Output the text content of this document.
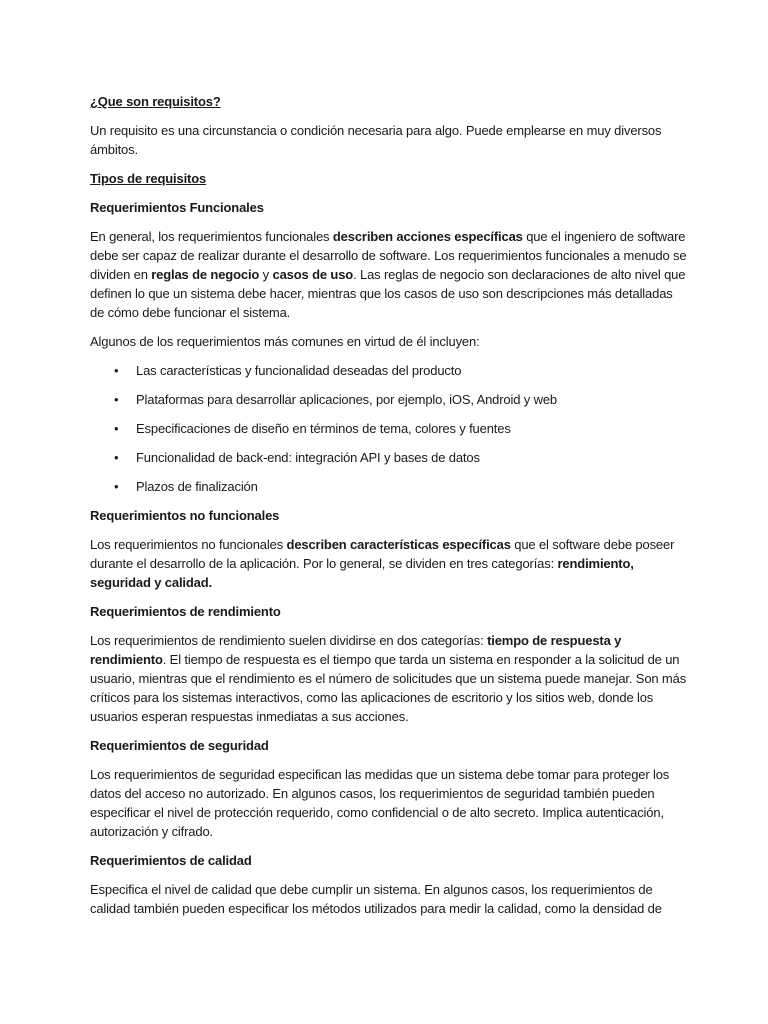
¿Que son requisitos?

Un requisito es una circunstancia o condición necesaria para algo. Puede emplearse en muy diversos ámbitos.

Tipos de requisitos

Requerimientos Funcionales

En general, los requerimientos funcionales describen acciones específicas que el ingeniero de software debe ser capaz de realizar durante el desarrollo de software. Los requerimientos funcionales a menudo se dividen en reglas de negocio y casos de uso. Las reglas de negocio son declaraciones de alto nivel que definen lo que un sistema debe hacer, mientras que los casos de uso son descripciones más detalladas de cómo debe funcionar el sistema.

Algunos de los requerimientos más comunes en virtud de él incluyen:

• Las características y funcionalidad deseadas del producto
• Plataformas para desarrollar aplicaciones, por ejemplo, iOS, Android y web
• Especificaciones de diseño en términos de tema, colores y fuentes
• Funcionalidad de back-end: integración API y bases de datos
• Plazos de finalización

Requerimientos no funcionales

Los requerimientos no funcionales describen características específicas que el software debe poseer durante el desarrollo de la aplicación. Por lo general, se dividen en tres categorías: rendimiento, seguridad y calidad.

Requerimientos de rendimiento

Los requerimientos de rendimiento suelen dividirse en dos categorías: tiempo de respuesta y rendimiento. El tiempo de respuesta es el tiempo que tarda un sistema en responder a la solicitud de un usuario, mientras que el rendimiento es el número de solicitudes que un sistema puede manejar. Son más críticos para los sistemas interactivos, como las aplicaciones de escritorio y los sitios web, donde los usuarios esperan respuestas inmediatas a sus acciones.

Requerimientos de seguridad

Los requerimientos de seguridad especifican las medidas que un sistema debe tomar para proteger los datos del acceso no autorizado. En algunos casos, los requerimientos de seguridad también pueden especificar el nivel de protección requerido, como confidencial o de alto secreto. Implica autenticación, autorización y cifrado.

Requerimientos de calidad

Especifica el nivel de calidad que debe cumplir un sistema. En algunos casos, los requerimientos de calidad también pueden especificar los métodos utilizados para medir la calidad, como la densidad de
